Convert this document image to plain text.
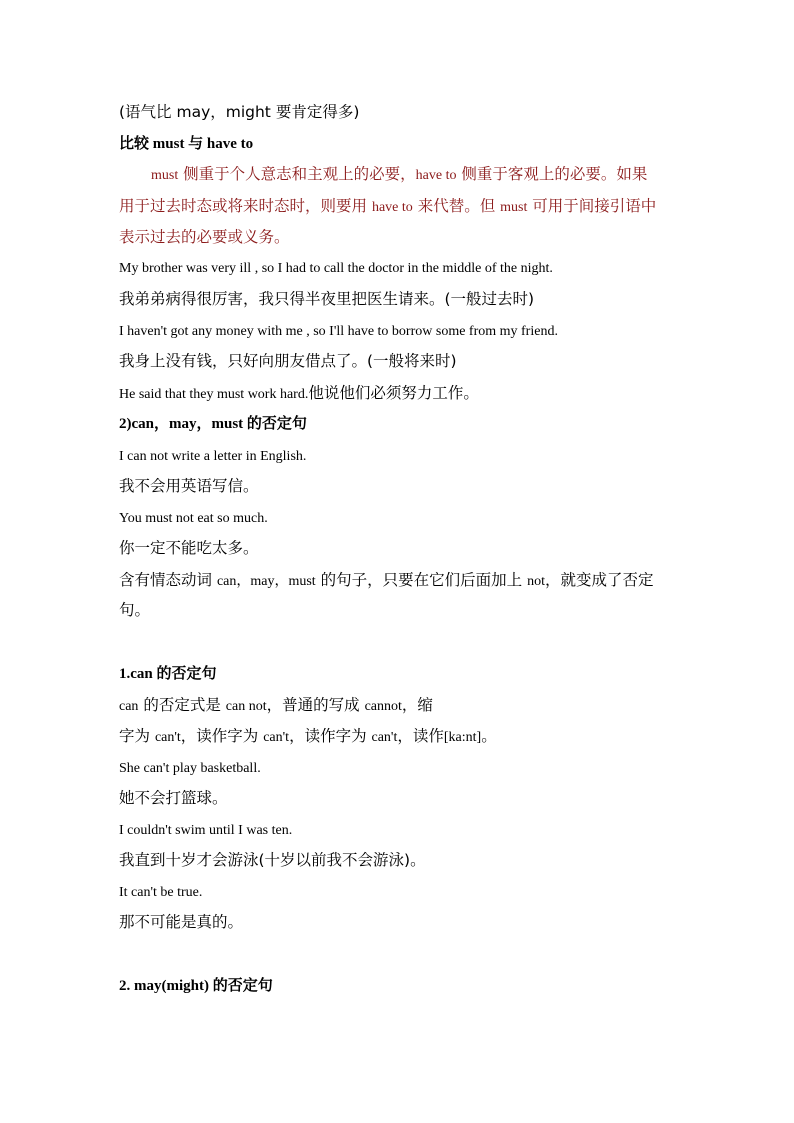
(语气比 may，might 要肯定得多)
比较 must 与 have to
must 侧重于个人意志和主观上的必要，have to 侧重于客观上的必要。如果
用于过去时态或将来时态时，则要用 have to 来代替。但 must 可用于间接引语中
表示过去的必要或义务。
My brother was very ill , so I had to call the doctor in the middle of the night.
我弟弟病得很厉害，我只得半夜里把医生请来。(一般过去时)
I haven't got any money with me , so I'll have to borrow some from my friend.
我身上没有钱，只好向朋友借点了。(一般将来时)
He said that they must work hard.他说他们必须努力工作。
2)can，may，must 的否定句
I can not write a letter in English.
我不会用英语写信。
You must not eat so much.
你一定不能吃太多。
含有情态动词 can，may，must 的句子，只要在它们后面加上 not，就变成了否定
句。
1.can 的否定句
can 的否定式是 can not，普通的写成 cannot，缩
字为 can't，读作字为 can't，读作字为 can't，读作[ka:nt]。
She can't play basketball.
她不会打篮球。
I couldn't swim until I was ten.
我直到十岁才会游泳(十岁以前我不会游泳)。
It can't be true.
那不可能是真的。
2. may(might) 的否定句
